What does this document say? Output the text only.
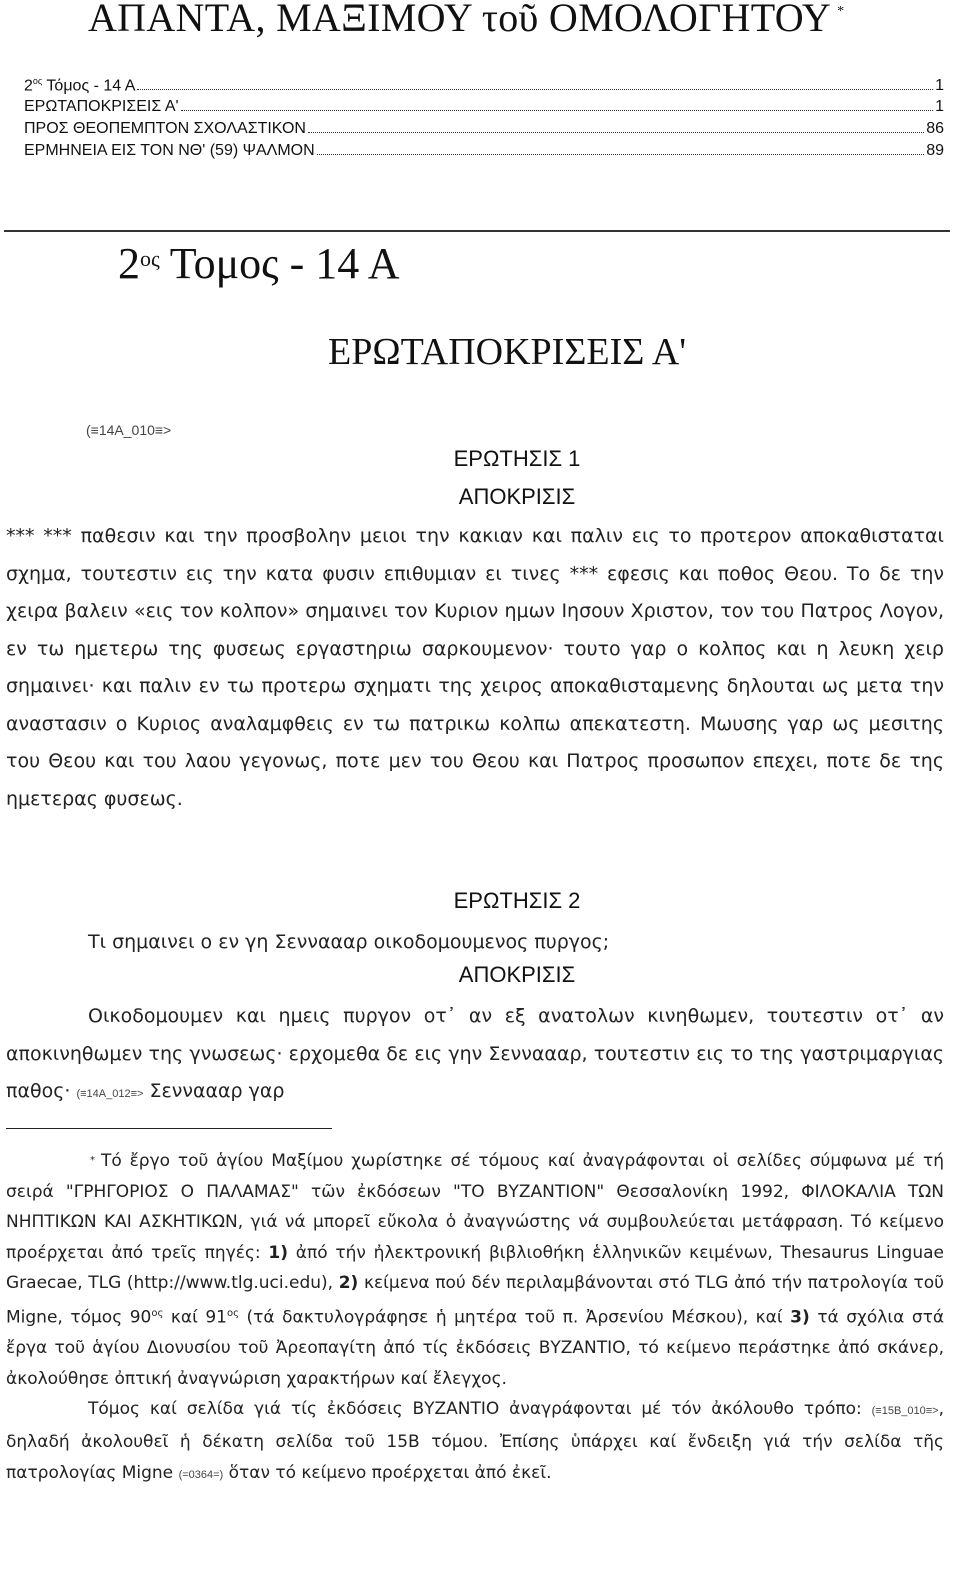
ΑΠΑΝΤΑ, ΜΑΞΙΜΟΥ τοῦ ΟΜΟΛΟΓΗΤΟΥ *
$2^{o\varsigma}$ Τόμος - 14 Α	1
ΕΡΩΤΑΠΟΚΡΙΣΕΙΣ Α'	1
ΠΡΟΣ ΘΕΟΠΕΜΠΤΟΝ ΣΧΟΛΑΣΤΙΚΟΝ	86
ΕΡΜΗΝΕΙΑ ΕΙΣ ΤΟΝ ΝΘ' (59) ΨΑΛΜΟΝ	89
$2^{o\varsigma}$ Τομος - 14 Α
ΕΡΩΤΑΠΟΚΡΙΣΕΙΣ Α'
(≡14Α_010≡>
ΕΡΩΤΗΣΙΣ 1
ΑΠΟΚΡΙΣΙΣ
*** *** παθεσιν και την προσβολην μειοι την κακιαν και παλιν εις το προτερον αποκαθισταται σχημα, τουτεστιν εις την κατα φυσιν επιθυμιαν ει τινες *** εφεσις και ποθος Θεου. Το δε την χειρα βαλειν «εις τον κολπον» σημαινει τον Κυριον ημων Ιησουν Χριστον, τον του Πατρος Λογον, εν τω ημετερω της φυσεως εργαστηριω σαρκουμενον· τουτο γαρ ο κολπος και η λευκη χειρ σημαινει· και παλιν εν τω προτερω σχηματι της χειρος αποκαθισταμενης δηλουται ως μετα την αναστασιν ο Κυριος αναλαμφθεις εν τω πατρικω κολπω απεκατεστη. Μωυσης γαρ ως μεσιτης του Θεου και του λαου γεγονως, ποτε μεν του Θεου και Πατρος προσωπον επεχει, ποτε δε της ημετερας φυσεως.
ΕΡΩΤΗΣΙΣ 2
Τι σημαινει ο εν γη Σενναααρ οικοδομουμενος πυργος;
ΑΠΟΚΡΙΣΙΣ
Οικοδομουμεν και ημεις πυργον οτ᾿ αν εξ ανατολων κινηθωμεν, τουτεστιν οτ᾿ αν αποκινηθωμεν της γνωσεως· ερχομεθα δε εις γην Σενναααρ, τουτεστιν εις το της γαστριμαργιας παθος· (≡14Α_012≡> Σενναααρ γαρ
* Τό ἔργο τοῦ ἁγίου Μαξίμου χωρίστηκε σέ τόμους καί ἀναγράφονται οἱ σελίδες σύμφωνα μέ τή σειρά "ΓΡΗΓΟΡΙΟΣ Ο ΠΑΛΑΜΑΣ" τῶν ἐκδόσεων "ΤΟ ΒΥΖΑΝΤΙΟΝ" Θεσσαλονίκη 1992, ΦΙΛΟΚΑΛΙΑ ΤΩΝ ΝΗΠΤΙΚΩΝ ΚΑΙ ΑΣΚΗΤΙΚΩΝ, γιά νά μπορεῖ εὔκολα ὁ ἀναγνώστης νά συμβουλεύεται μετάφραση. Τό κείμενο προέρχεται ἀπό τρεῖς πηγές: 1) ἀπό τήν ἠλεκτρονική βιβλιοθήκη ἑλληνικῶν κειμένων, Thesaurus Linguae Graecae, TLG (http://www.tlg.uci.edu), 2) κείμενα πού δέν περιλαμβάνονται στό TLG ἀπό τήν πατρολογία τοῦ Migne, τόμος $90^{o\varsigma}$ καί $91^{o\varsigma}$ (τά δακτυλογράφησε ἡ μητέρα τοῦ π. Ἀρσενίου Μέσκου), καί 3) τά σχόλια στά ἔργα τοῦ ἁγίου Διονυσίου τοῦ Ἀρεοπαγίτη ἀπό τίς ἐκδόσεις ΒΥΖΑΝΤΙΟ, τό κείμενο περάστηκε ἀπό σκάνερ, ἀκολούθησε ὀπτική ἀναγνώριση χαρακτήρων καί ἔλεγχος.
Τόμος καί σελίδα γιά τίς ἐκδόσεις ΒΥΖΑΝΤΙΟ ἀναγράφονται μέ τόν ἀκόλουθο τρόπο: (≡15Β_010≡>, δηλαδή ἀκολουθεῖ ἡ δέκατη σελίδα τοῦ 15Β τόμου. Ἐπίσης ὑπάρχει καί ἔνδειξη γιά τήν σελίδα τῆς πατρολογίας Migne (=0364=) ὅταν τό κείμενο προέρχεται ἀπό ἐκεῖ.
